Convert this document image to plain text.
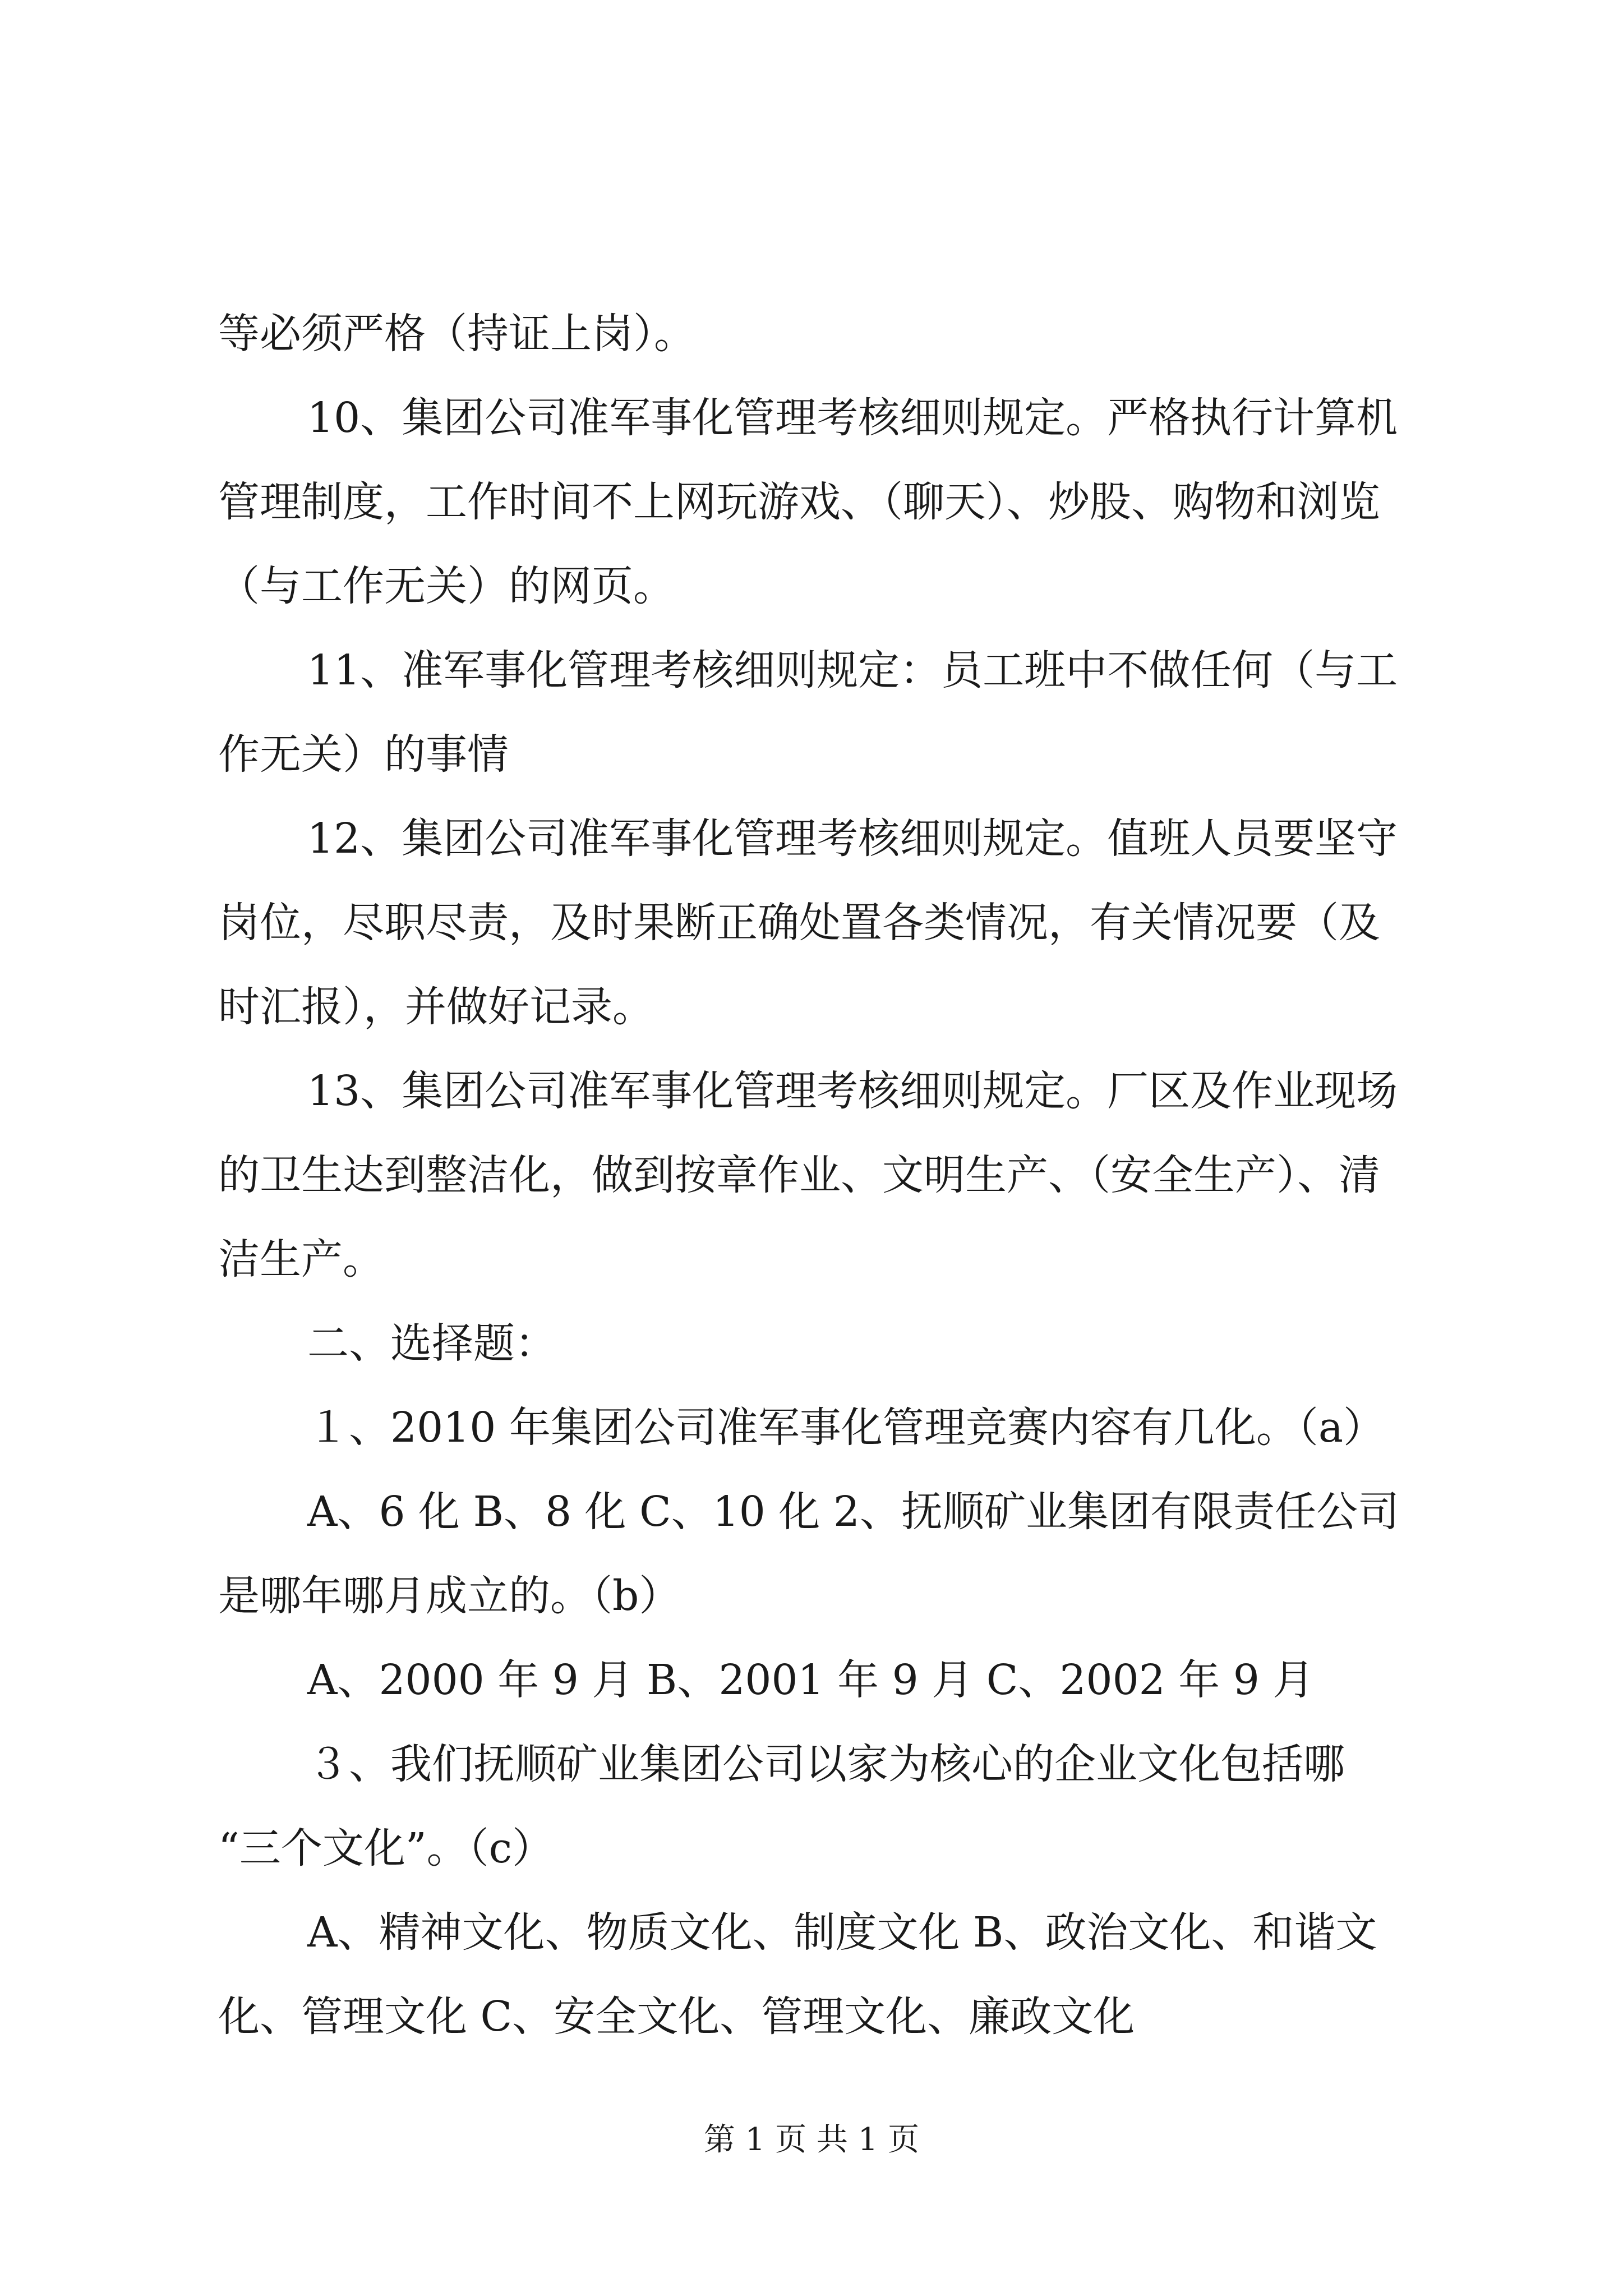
等必须严格（持证上岗）。
10、集团公司准军事化管理考核细则规定。严格执行计算机
管理制度，工作时间不上网玩游戏、（聊天）、炒股、购物和浏览
（与工作无关）的网页。
11、准军事化管理考核细则规定：员工班中不做任何（与工
作无关）的事情
12、集团公司准军事化管理考核细则规定。值班人员要坚守
岗位，尽职尽责，及时果断正确处置各类情况，有关情况要（及
时汇报），并做好记录。
13、集团公司准军事化管理考核细则规定。厂区及作业现场
的卫生达到整洁化，做到按章作业、文明生产、（安全生产）、清
洁生产。
二、选择题：
１、2010 年集团公司准军事化管理竞赛内容有几化。（a）
A、6 化 B、8 化 C、10 化 2、抚顺矿业集团有限责任公司
是哪年哪月成立的。（b）
A、2000 年 9 月 B、2001 年 9 月 C、2002 年 9 月
３、我们抚顺矿业集团公司以家为核心的企业文化包括哪
“三个文化”。（c）
A、精神文化、物质文化、制度文化 B、政治文化、和谐文
化、管理文化 C、安全文化、管理文化、廉政文化
第 1 页 共 1 页
